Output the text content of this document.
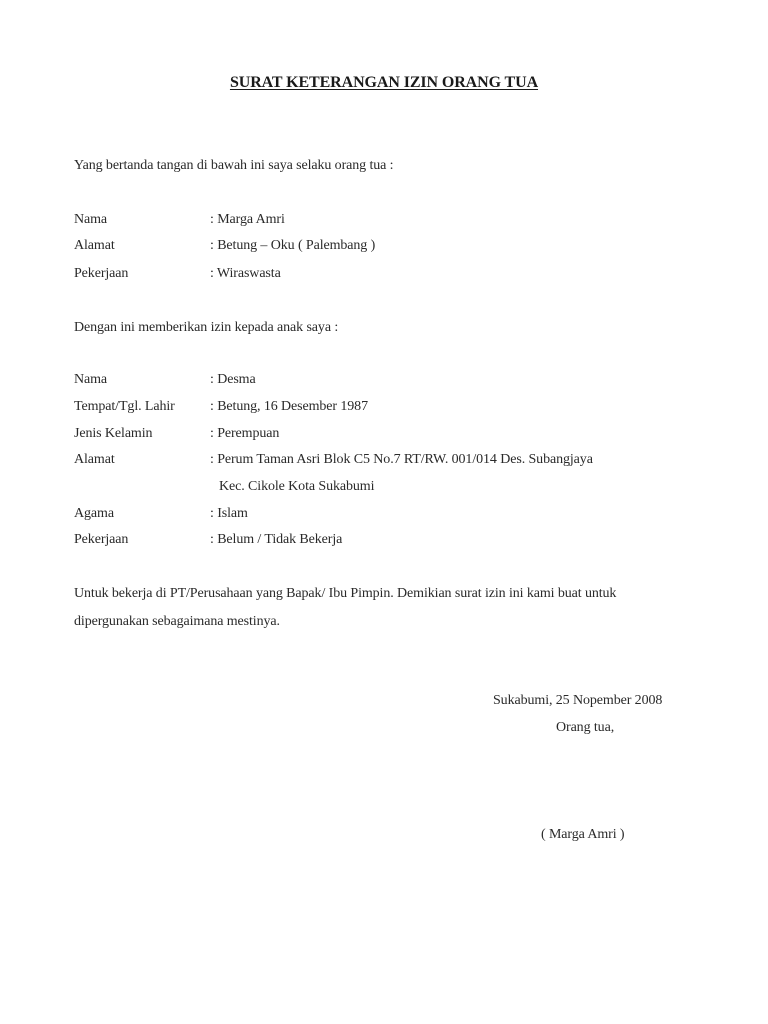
SURAT KETERANGAN IZIN ORANG TUA
Yang bertanda tangan di bawah ini saya selaku orang tua :
Nama	: Marga Amri
Alamat	: Betung – Oku ( Palembang )
Pekerjaan	: Wiraswasta
Dengan ini memberikan izin kepada anak saya :
Nama	: Desma
Tempat/Tgl. Lahir	: Betung, 16 Desember 1987
Jenis Kelamin	: Perempuan
Alamat	: Perum Taman Asri Blok C5 No.7 RT/RW. 001/014 Des. Subangjaya
Kec. Cikole Kota Sukabumi
Agama	: Islam
Pekerjaan	: Belum / Tidak Bekerja
Untuk bekerja di PT/Perusahaan yang Bapak/ Ibu Pimpin. Demikian surat izin ini kami buat untuk
dipergunakan sebagaimana mestinya.
Sukabumi, 25 Nopember 2008
Orang tua,
( Marga Amri )
